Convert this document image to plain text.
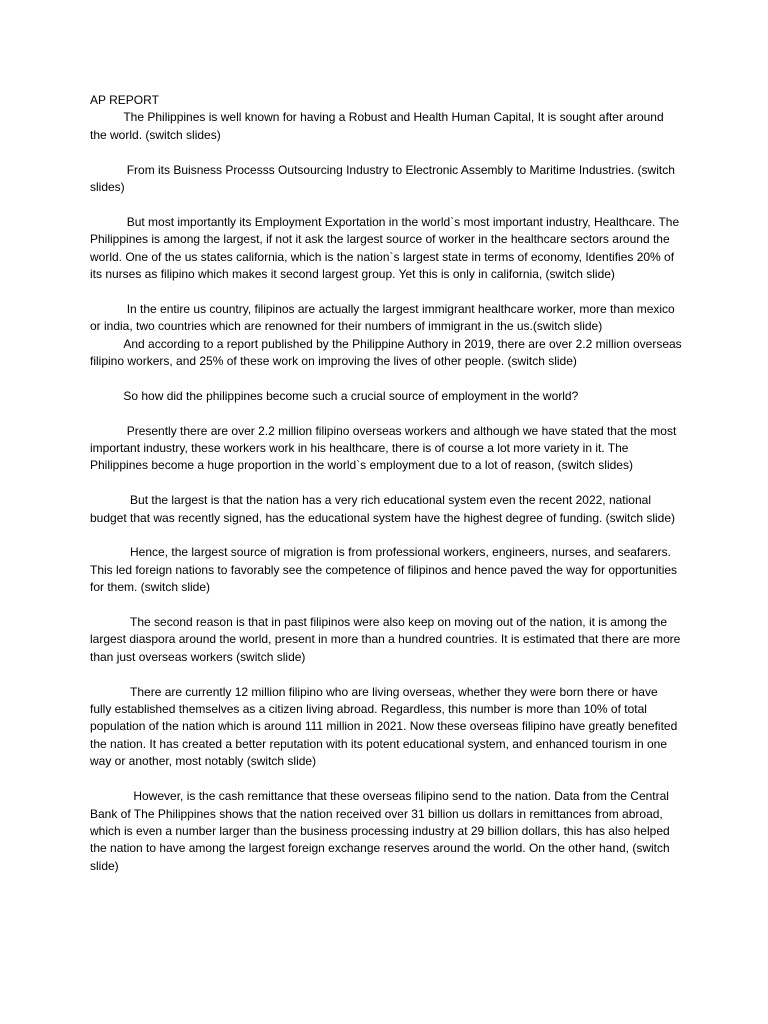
AP REPORT

The Philippines is well known for having a Robust and Health Human Capital, It is sought after around the world. (switch slides)

From its Buisness Processs Outsourcing Industry to Electronic Assembly to Maritime Industries. (switch slides)

But most importantly its Employment Exportation in the world`s most important industry, Healthcare. The Philippines is among the largest, if not it ask the largest source of worker in the healthcare sectors around the world. One of the us states california, which is the nation`s largest state in terms of economy, Identifies 20% of its nurses as filipino which makes it second largest group. Yet this is only in california, (switch slide)

In the entire us country, filipinos are actually the largest immigrant healthcare worker, more than mexico or india, two countries which are renowned for their numbers of immigrant in the us.(switch slide)

And according to a report published by the Philippine Authory in 2019, there are over 2.2 million overseas filipino workers, and 25% of these work on improving the lives of other people. (switch slide)

So how did the philippines become such a crucial source of employment in the world?

Presently there are over 2.2 million filipino overseas workers and although we have stated that the most important industry, these workers work in his healthcare, there is of course a lot more variety in it. The Philippines become a huge proportion in the world`s employment due to a lot of reason, (switch slides)

But the largest is that the nation has a very rich educational system even the recent 2022, national budget that was recently signed, has the educational system have the highest degree of funding. (switch slide)

Hence, the largest source of migration is from professional workers, engineers, nurses, and seafarers. This led foreign nations to favorably see the competence of filipinos and hence paved the way for opportunities for them. (switch slide)

The second reason is that in past filipinos were also keep on moving out of the nation, it is among the largest diaspora around the world, present in more than a hundred countries. It is estimated that there are more than just overseas workers (switch slide)

There are currently 12 million filipino who are living overseas, whether they were born there or have fully established themselves as a citizen living abroad. Regardless, this number is more than 10% of total population of the nation which is around 111 million in 2021. Now these overseas filipino have greatly benefited the nation. It has created a better reputation with its potent educational system, and enhanced tourism in one way or another, most notably (switch slide)

However, is the cash remittance that these overseas filipino send to the nation. Data from the Central Bank of The Philippines shows that the nation received over 31 billion us dollars in remittances from abroad, which is even a number larger than the business processing industry at 29 billion dollars, this has also helped the nation to have among the largest foreign exchange reserves around the world. On the other hand, (switch slide)
